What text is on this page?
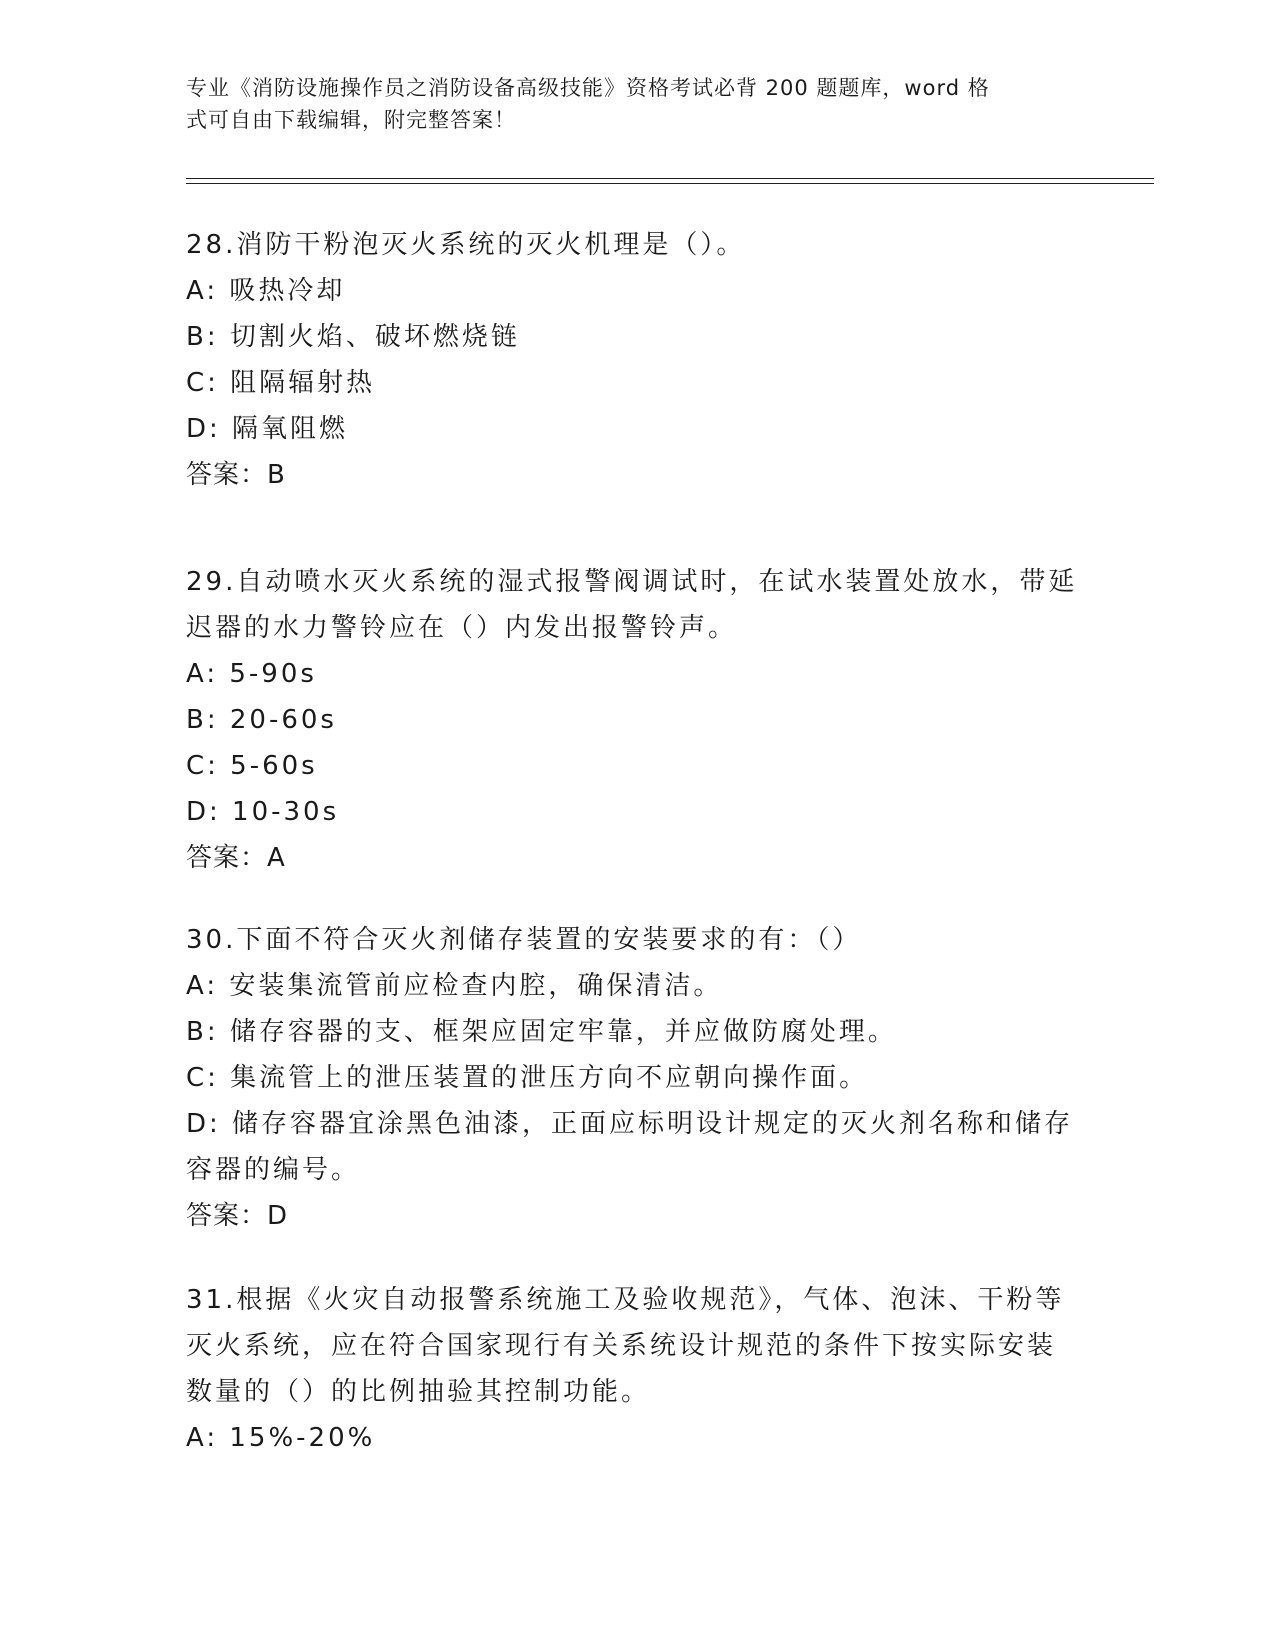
专业《消防设施操作员之消防设备高级技能》资格考试必背 200 题题库，word 格
式可自由下载编辑，附完整答案！
28.消防干粉泡灭火系统的灭火机理是（）。
A: 吸热冷却
B: 切割火焰、破坏燃烧链
C: 阻隔辐射热
D: 隔氧阻燃
答案：B
29.自动喷水灭火系统的湿式报警阀调试时，在试水装置处放水，带延
迟器的水力警铃应在（）内发出报警铃声。
A: 5-90s
B: 20-60s
C: 5-60s
D: 10-30s
答案：A
30.下面不符合灭火剂储存装置的安装要求的有：（）
A: 安装集流管前应检查内腔，确保清洁。
B: 储存容器的支、框架应固定牢靠，并应做防腐处理。
C: 集流管上的泄压装置的泄压方向不应朝向操作面。
D: 储存容器宜涂黑色油漆，正面应标明设计规定的灭火剂名称和储存
容器的编号。
答案：D
31.根据《火灾自动报警系统施工及验收规范》，气体、泡沫、干粉等
灭火系统，应在符合国家现行有关系统设计规范的条件下按实际安装
数量的（）的比例抽验其控制功能。
A: 15%-20%
